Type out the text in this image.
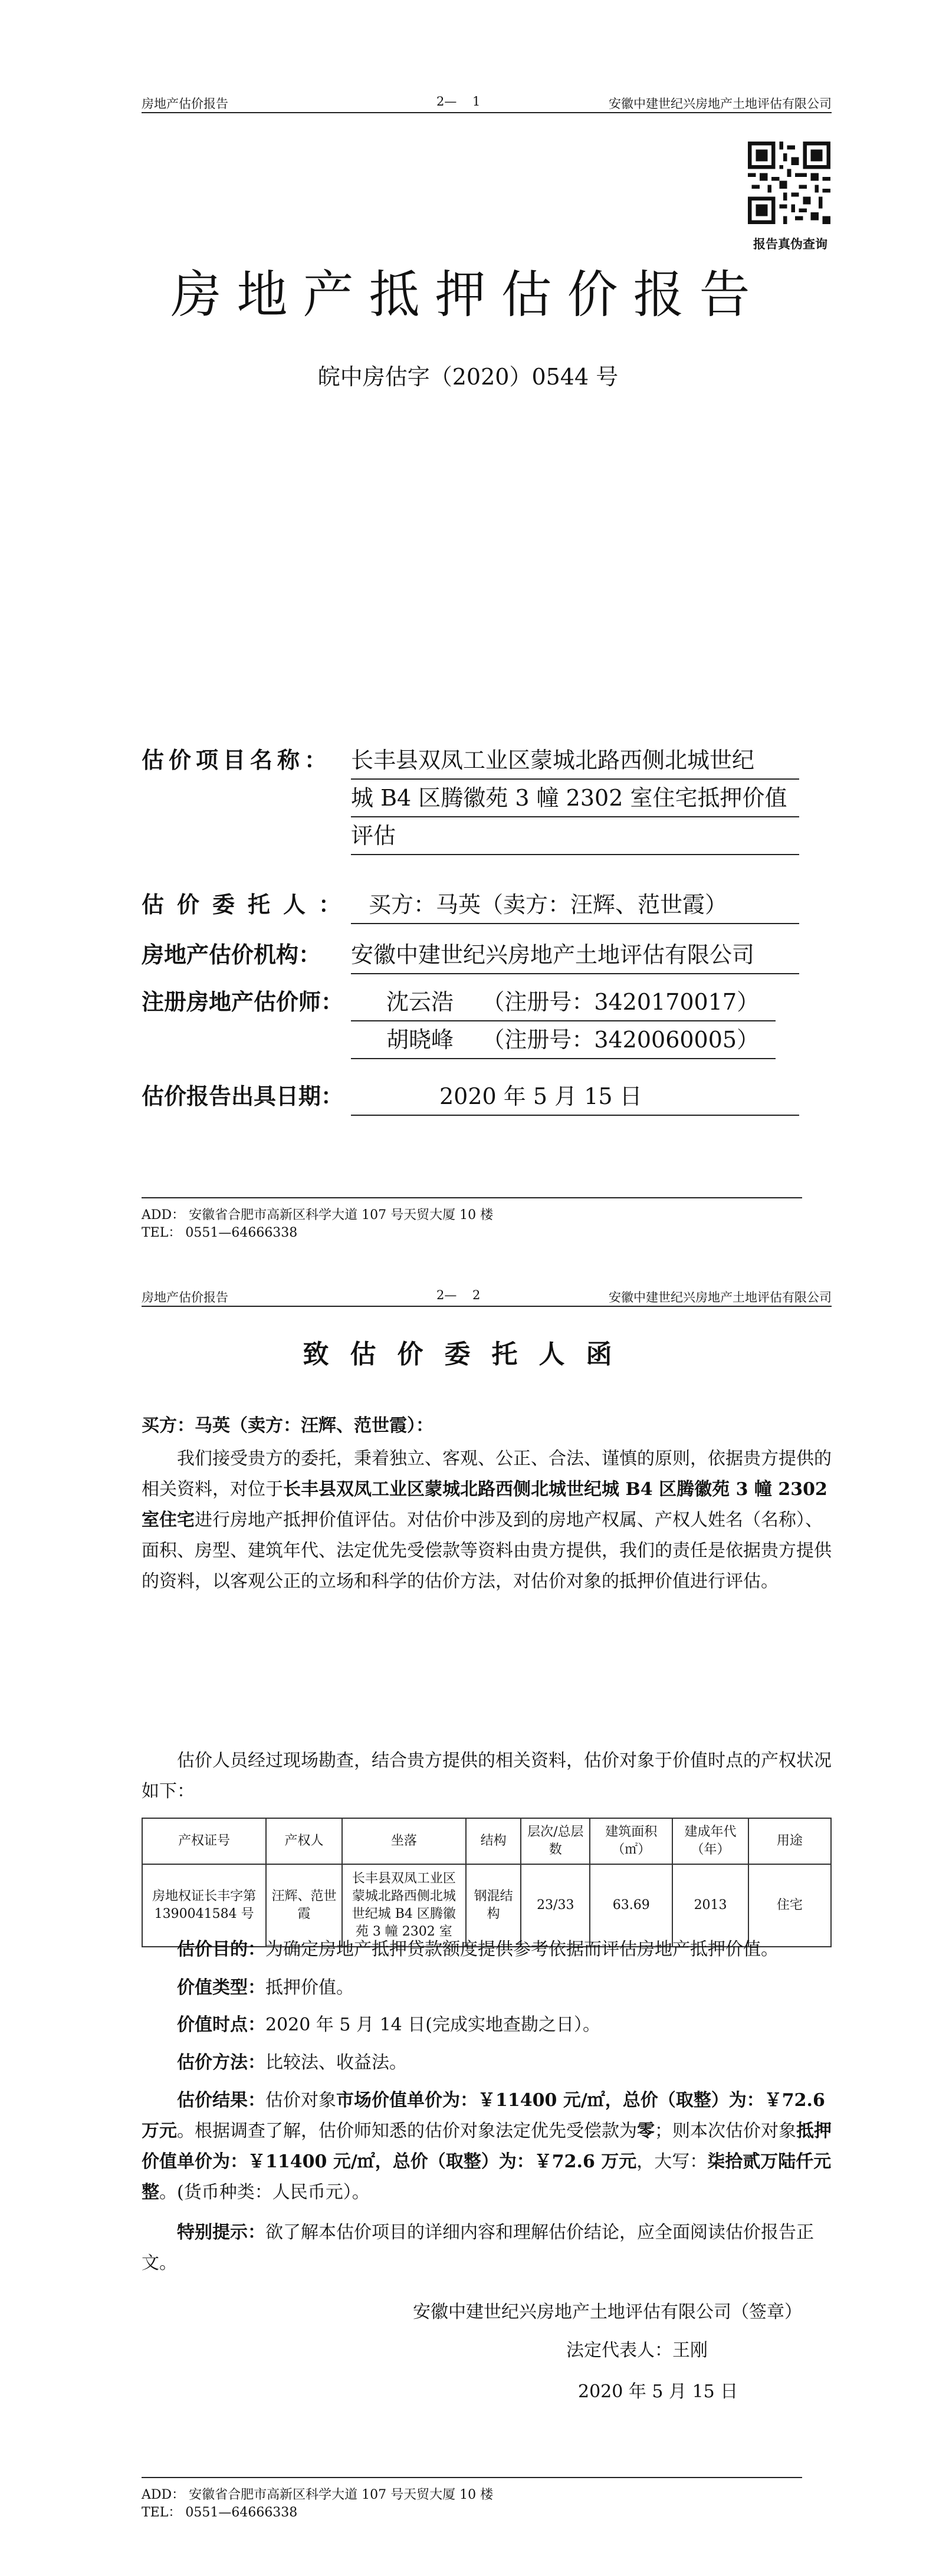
房地产估价报告	2—    1	安徽中建世纪兴房地产土地评估有限公司
报告真伪查询
房地产抵押估价报告
皖中房估字（2020）0544 号
估价项目名称： 长丰县双凤工业区蒙城北路西侧北城世纪
城 B4 区腾徽苑 3 幢 2302 室住宅抵押价值
评估
估价委托人： 买方：马英（卖方：汪辉、范世霞）
房地产估价机构： 安徽中建世纪兴房地产土地评估有限公司
注册房地产估价师：	沈云浩    （注册号：3420170017）
胡晓峰    （注册号：3420060005）
估价报告出具日期：	2020 年 5 月 15 日
ADD： 安徽省合肥市高新区科学大道 107 号天贸大厦 10 楼
TEL： 0551—64666338
房地产估价报告	2—    2	安徽中建世纪兴房地产土地评估有限公司
致估价委托人函
买方：马英（卖方：汪辉、范世霞）：
我们接受贵方的委托，秉着独立、客观、公正、合法、谨慎的原则，依据贵方提供的相关资料，对位于长丰县双凤工业区蒙城北路西侧北城世纪城 B4 区腾徽苑 3 幢 2302 室住宅进行房地产抵押价值评估。对估价中涉及到的房地产权属、产权人姓名（名称）、面积、房型、建筑年代、法定优先受偿款等资料由贵方提供，我们的责任是依据贵方提供的资料，以客观公正的立场和科学的估价方法，对估价对象的抵押价值进行评估。
估价人员经过现场勘查，结合贵方提供的相关资料，估价对象于价值时点的产权状况如下：
产权证号	产权人	坐落	结构	层次/总层数	建筑面积（㎡）	建成年代（年）	用途
房地权证长丰字第 1390041584 号	汪辉、范世霞	长丰县双凤工业区蒙城北路西侧北城世纪城 B4 区腾徽苑 3 幢 2302 室	钢混结构	23/33	63.69	2013	住宅
估价目的：为确定房地产抵押贷款额度提供参考依据而评估房地产抵押价值。
价值类型：抵押价值。
价值时点：2020 年 5 月 14 日(完成实地查勘之日）。
估价方法：比较法、收益法。
估价结果：估价对象市场价值单价为：￥11400 元/㎡，总价（取整）为：￥72.6 万元。根据调查了解，估价师知悉的估价对象法定优先受偿款为零；则本次估价对象抵押价值单价为：￥11400 元/㎡，总价（取整）为：￥72.6 万元，大写：柒拾贰万陆仟元整。(货币种类：人民币元）。
特别提示：欲了解本估价项目的详细内容和理解估价结论，应全面阅读估价报告正文。
安徽中建世纪兴房地产土地评估有限公司（签章）
法定代表人：王刚
2020 年 5 月 15 日
ADD： 安徽省合肥市高新区科学大道 107 号天贸大厦 10 楼
TEL： 0551—64666338
